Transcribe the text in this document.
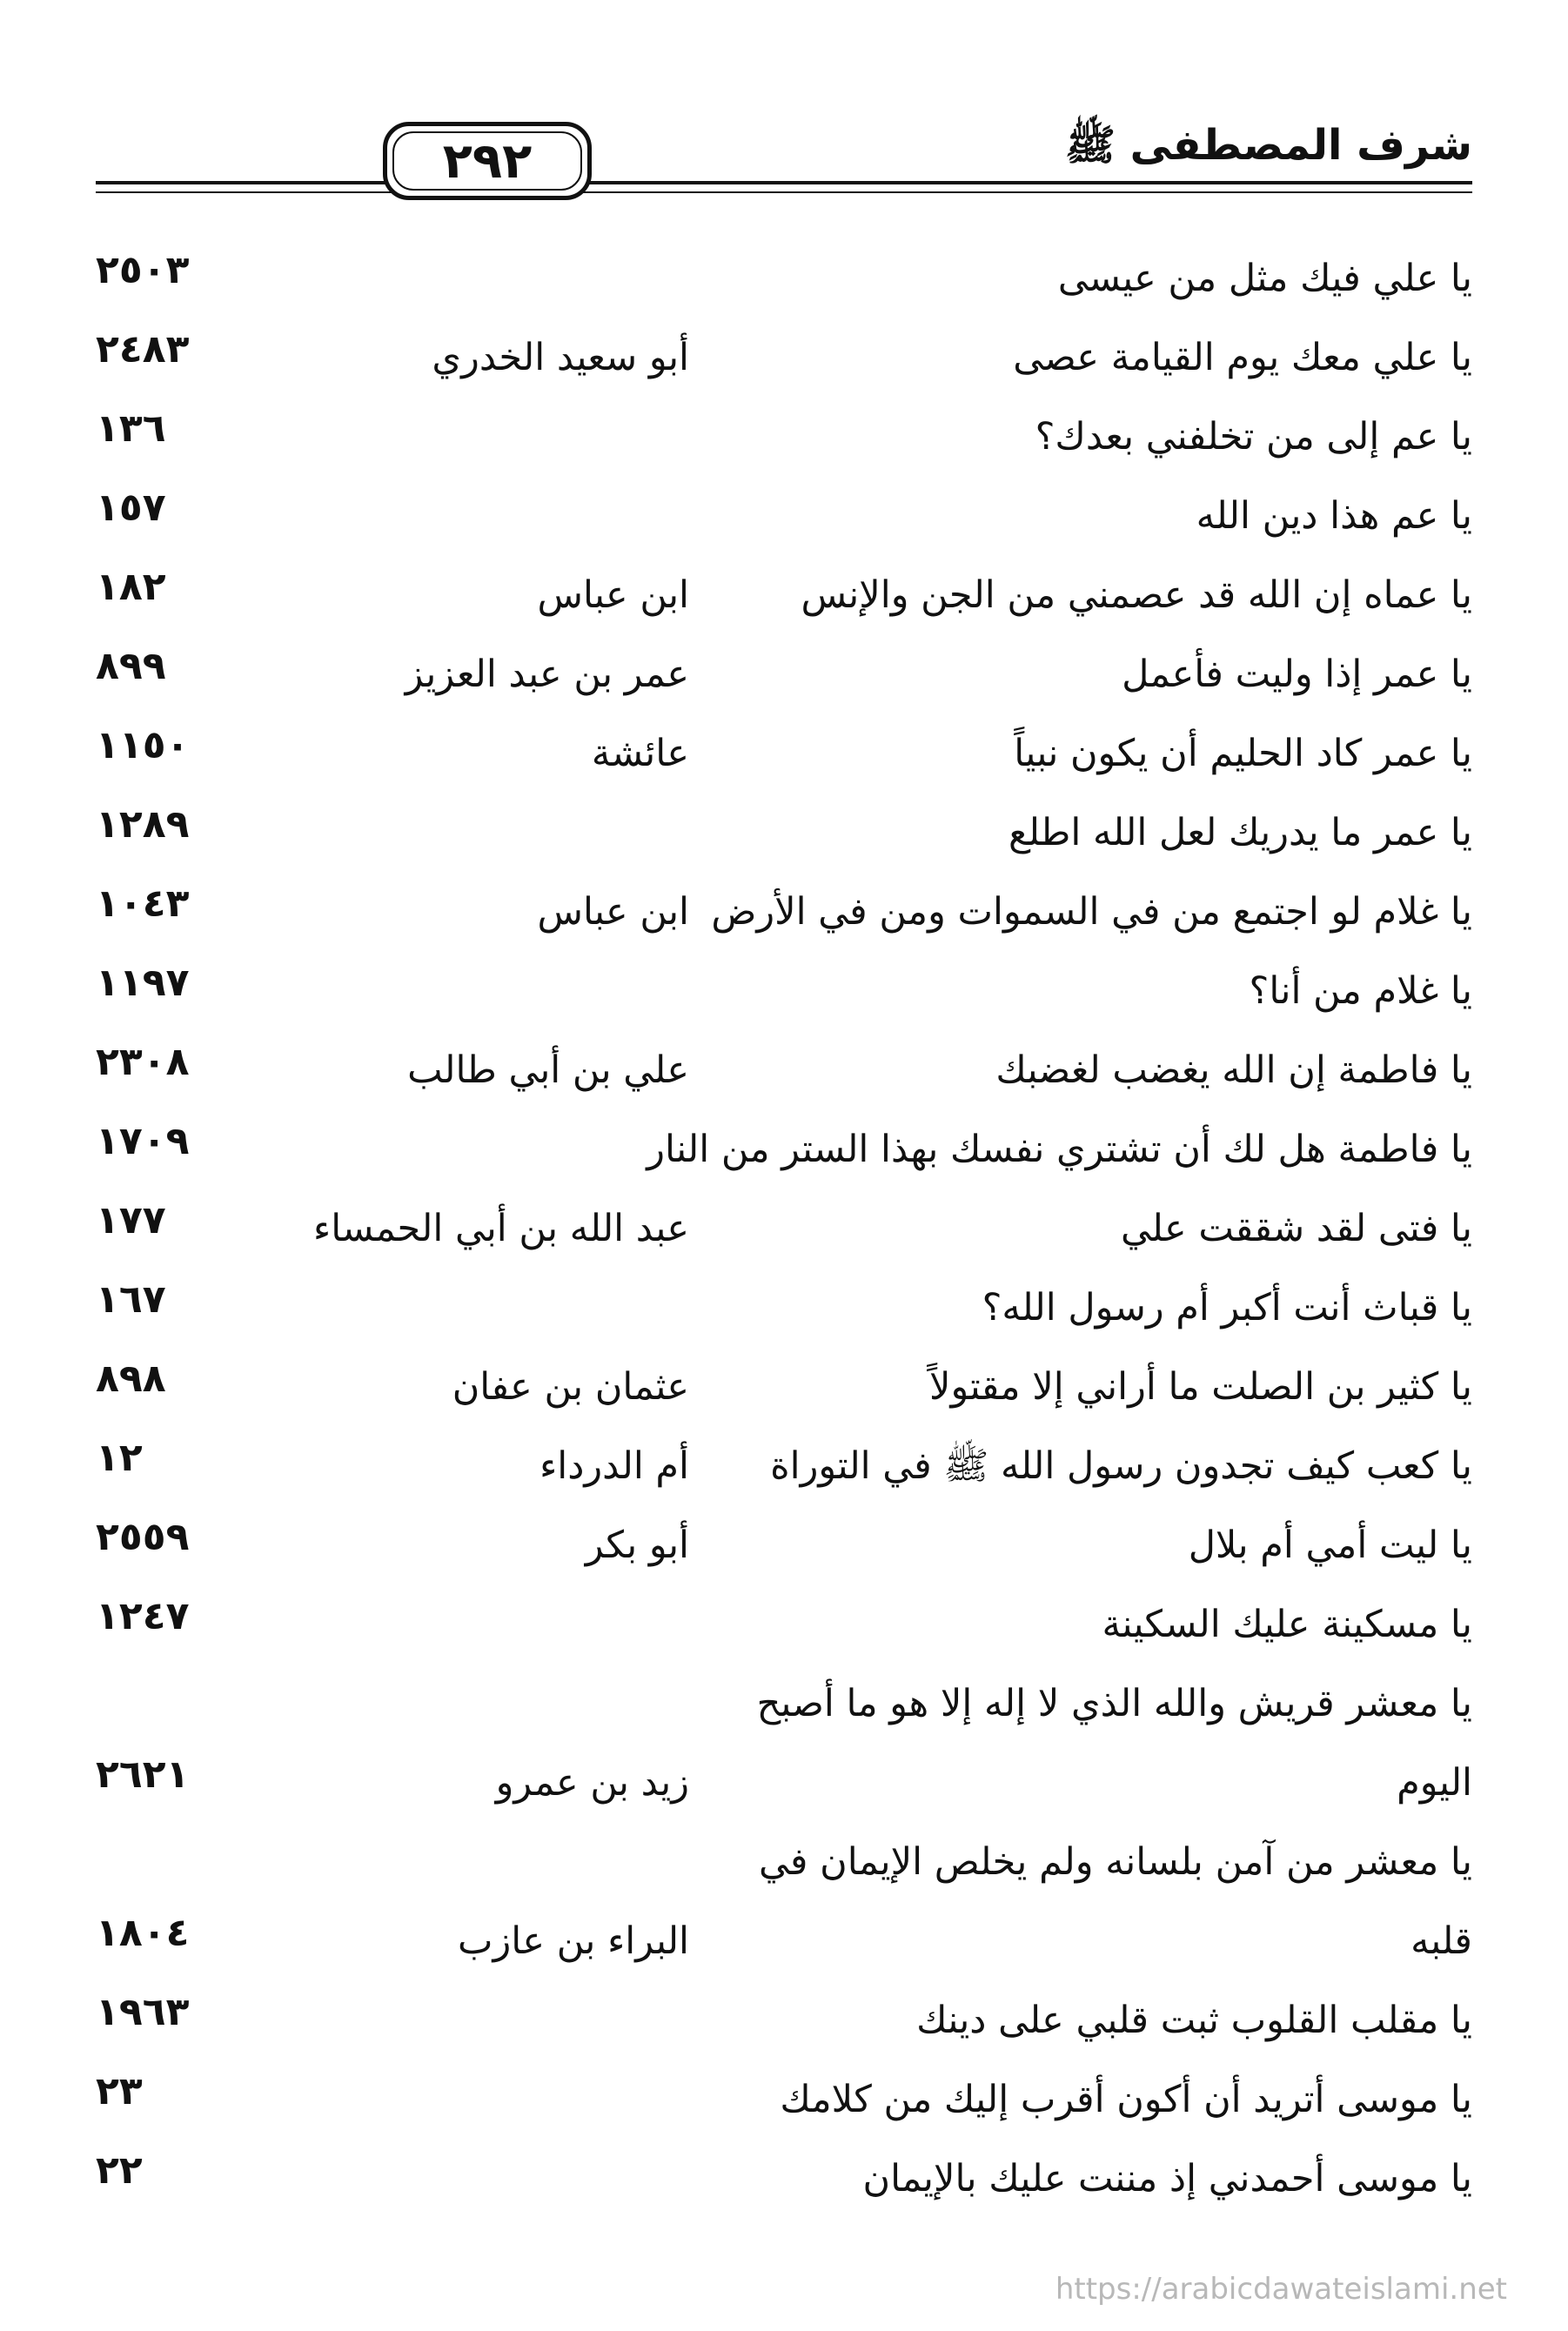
٢٩٢	شرف المصطفى ﷺ
يا علي فيك مثل من عيسى
٢٥٠٣
يا علي معك يوم القيامة عصى
أبو سعيد الخدري
٢٤٨٣
يا عم إلى من تخلفني بعدك؟
١٣٦
يا عم هذا دين الله
١٥٧
يا عماه إن الله قد عصمني من الجن والإنس
ابن عباس
١٨٢
يا عمر إذا وليت فأعمل
عمر بن عبد العزيز
٨٩٩
يا عمر كاد الحليم أن يكون نبياً
عائشة
١١٥٠
يا عمر ما يدريك لعل الله اطلع
١٢٨٩
يا غلام لو اجتمع من في السموات ومن في الأرض
ابن عباس
١٠٤٣
يا غلام من أنا؟
١١٩٧
يا فاطمة إن الله يغضب لغضبك
علي بن أبي طالب
٢٣٠٨
يا فاطمة هل لك أن تشتري نفسك بهذا الستر من النار
١٧٠٩
يا فتى لقد شققت علي
عبد الله بن أبي الحمساء
١٧٧
يا قباث أنت أكبر أم رسول الله؟
١٦٧
يا كثير بن الصلت ما أراني إلا مقتولاً
عثمان بن عفان
٨٩٨
يا كعب كيف تجدون رسول الله ﷺ في التوراة
أم الدرداء
١٢
يا ليت أمي أم بلال
أبو بكر
٢٥٥٩
يا مسكينة عليك السكينة
١٢٤٧
يا معشر قريش والله الذي لا إله إلا هو ما أصبح اليوم
زيد بن عمرو
٢٦٢١
يا معشر من آمن بلسانه ولم يخلص الإيمان في قلبه
البراء بن عازب
١٨٠٤
يا مقلب القلوب ثبت قلبي على دينك
١٩٦٣
يا موسى أتريد أن أكون أقرب إليك من كلامك
٢٣
يا موسى أحمدني إذ مننت عليك بالإيمان
٢٢
https://arabicdawateislami.net
